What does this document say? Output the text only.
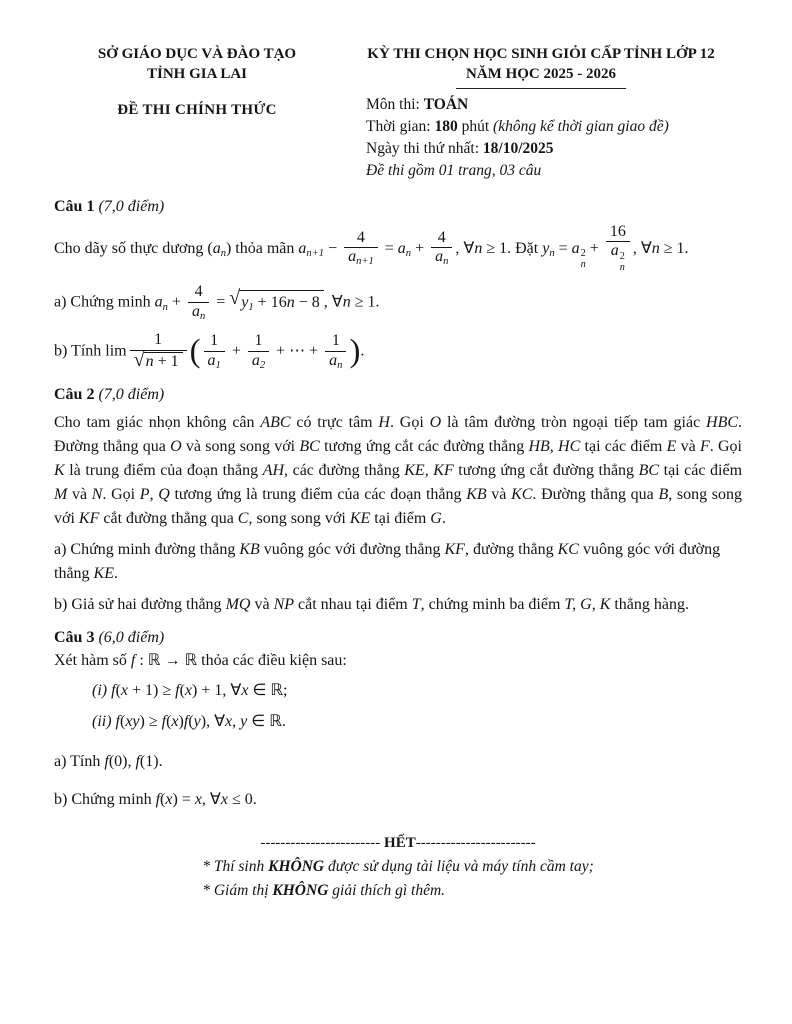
SỞ GIÁO DỤC VÀ ĐÀO TẠO
TỈNH GIA LAI
ĐỀ THI CHÍNH THỨC
KỲ THI CHỌN HỌC SINH GIỎI CẤP TỈNH LỚP 12
NĂM HỌC 2025 - 2026
Môn thi: TOÁN
Thời gian: 180 phút (không kể thời gian giao đề)
Ngày thi thứ nhất: 18/10/2025
Đề thi gồm 01 trang, 03 câu

Câu 1 (7,0 điểm)

Cho dãy số thực dương $(a_n)$ thỏa mãn $a_{n+1} - \frac{4}{a_{n+1}} = a_n + \frac{4}{a_n}$ , ∀n ≥ 1. Đặt $y_n = a$ 2
n
+ 16
a 2
n , ∀n ≥ 1.

a) Chứng minh $a_n + \frac{4}{a_n}$ = √ $y_1 + 16n - 8$ , ∀n ≥ 1.

b) Tính $\lim \frac{1}{√ n + 1}$ ( $\frac{1}{a_1} + \frac{1}{a_2}$ + ⋯ + $\frac{1}{a_n}$ ).

Câu 2 (7,0 điểm)

Cho tam giác nhọn không cân ABC có trực tâm H. Gọi O là tâm đường tròn ngoại tiếp tam giác HBC. Đường thẳng qua O và song song với BC tương ứng cắt các đường thẳng HB, HC tại các điểm E và F. Gọi K là trung điểm của đoạn thẳng AH, các đường thẳng KE, KF tương ứng cắt đường thẳng BC tại các điểm M và N. Gọi P, Q tương ứng là trung điểm của các đoạn thẳng KB và KC. Đường thẳng qua B, song song với KF cắt đường thẳng qua C, song song với KE tại điểm G.

a) Chứng minh đường thẳng KB vuông góc với đường thẳng KF, đường thẳng KC vuông góc với đường thẳng KE.

b) Giả sử hai đường thẳng MQ và NP cắt nhau tại điểm T, chứng minh ba điểm T, G, K thẳng hàng.

Câu 3 (6,0 điểm)

Xét hàm số f : ℝ → ℝ thỏa các điều kiện sau:

(i) f(x + 1) ≥ f(x) + 1, ∀x ∈ ℝ;

(ii) f(xy) ≥ f(x)f(y), ∀x, y ∈ ℝ.

a) Tính f(0), f(1).

b) Chứng minh f(x) = x, ∀x ≤ 0.

------------------------ HẾT------------------------

* Thí sinh KHÔNG được sử dụng tài liệu và máy tính cầm tay;

* Giám thị KHÔNG giải thích gì thêm.
